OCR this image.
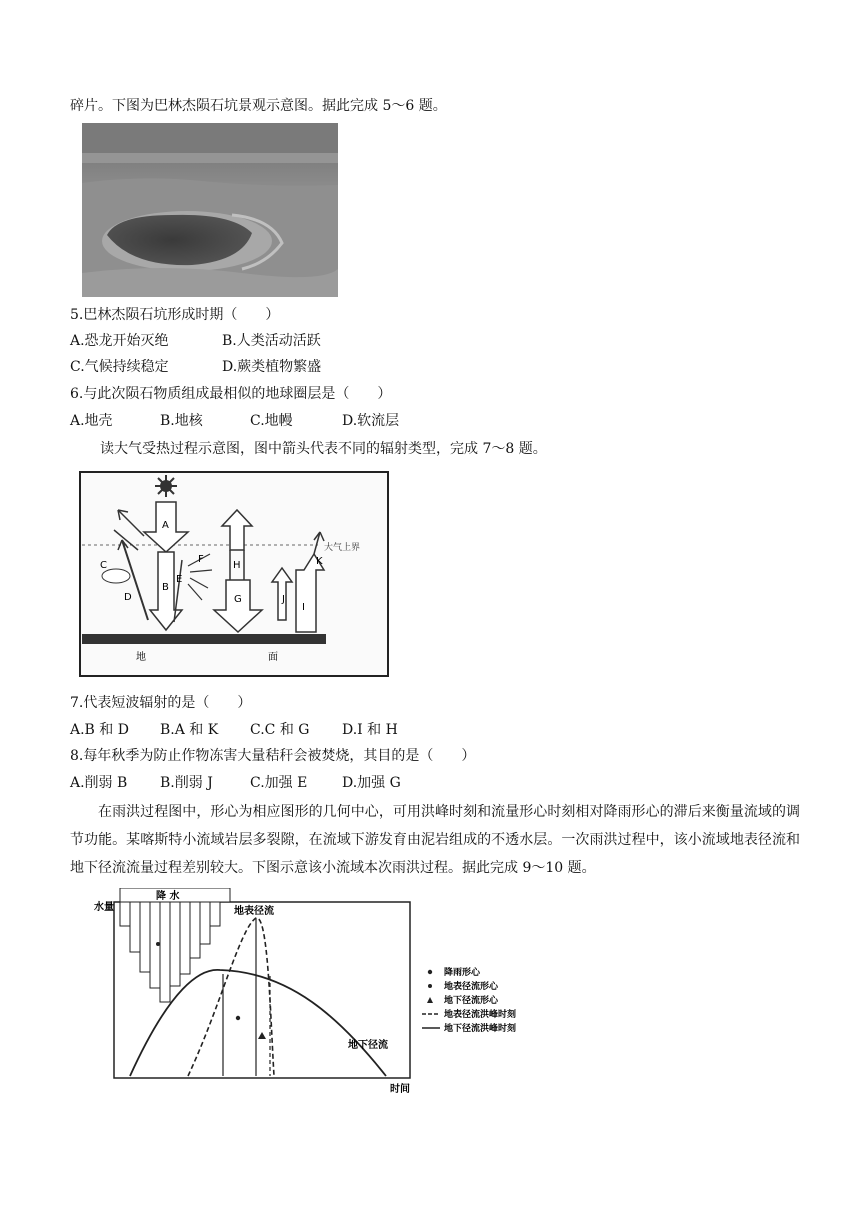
碎片。下图为巴林杰陨石坑景观示意图。据此完成 5～6 题。
5.巴林杰陨石坑形成时期（　　）
A.恐龙开始灭绝	B.人类活动活跃
C.气候持续稳定	D.蕨类植物繁盛
6.与此次陨石物质组成最相似的地球圈层是（　　）
A.地壳	B.地核	C.地幔	D.软流层
读大气受热过程示意图，图中箭头代表不同的辐射类型，完成 7～8 题。
大气上界
地	面
A
B
C
D
E
F
H
G
I
J
K
7.代表短波辐射的是（　　）
A.B 和 D B.A 和 K C.C 和 G D.I 和 H
8.每年秋季为防止作物冻害大量秸秆会被焚烧，其目的是（　　）
A.削弱 B B.削弱 J	C.加强 E D.加强 G
在雨洪过程图中，形心为相应图形的几何中心，可用洪峰时刻和流量形心时刻相对降雨形心的滞后来衡量流域的调节功能。某喀斯特小流域岩层多裂隙，在流域下游发育由泥岩组成的不透水层。一次雨洪过程中，该小流域地表径流和地下径流流量过程差别较大。下图示意该小流域本次雨洪过程。据此完成 9～10 题。
水量
时间
降 水
地表径流
地下径流
降雨形心
地表径流形心
地下径流形心
地表径流洪峰时刻
地下径流洪峰时刻
